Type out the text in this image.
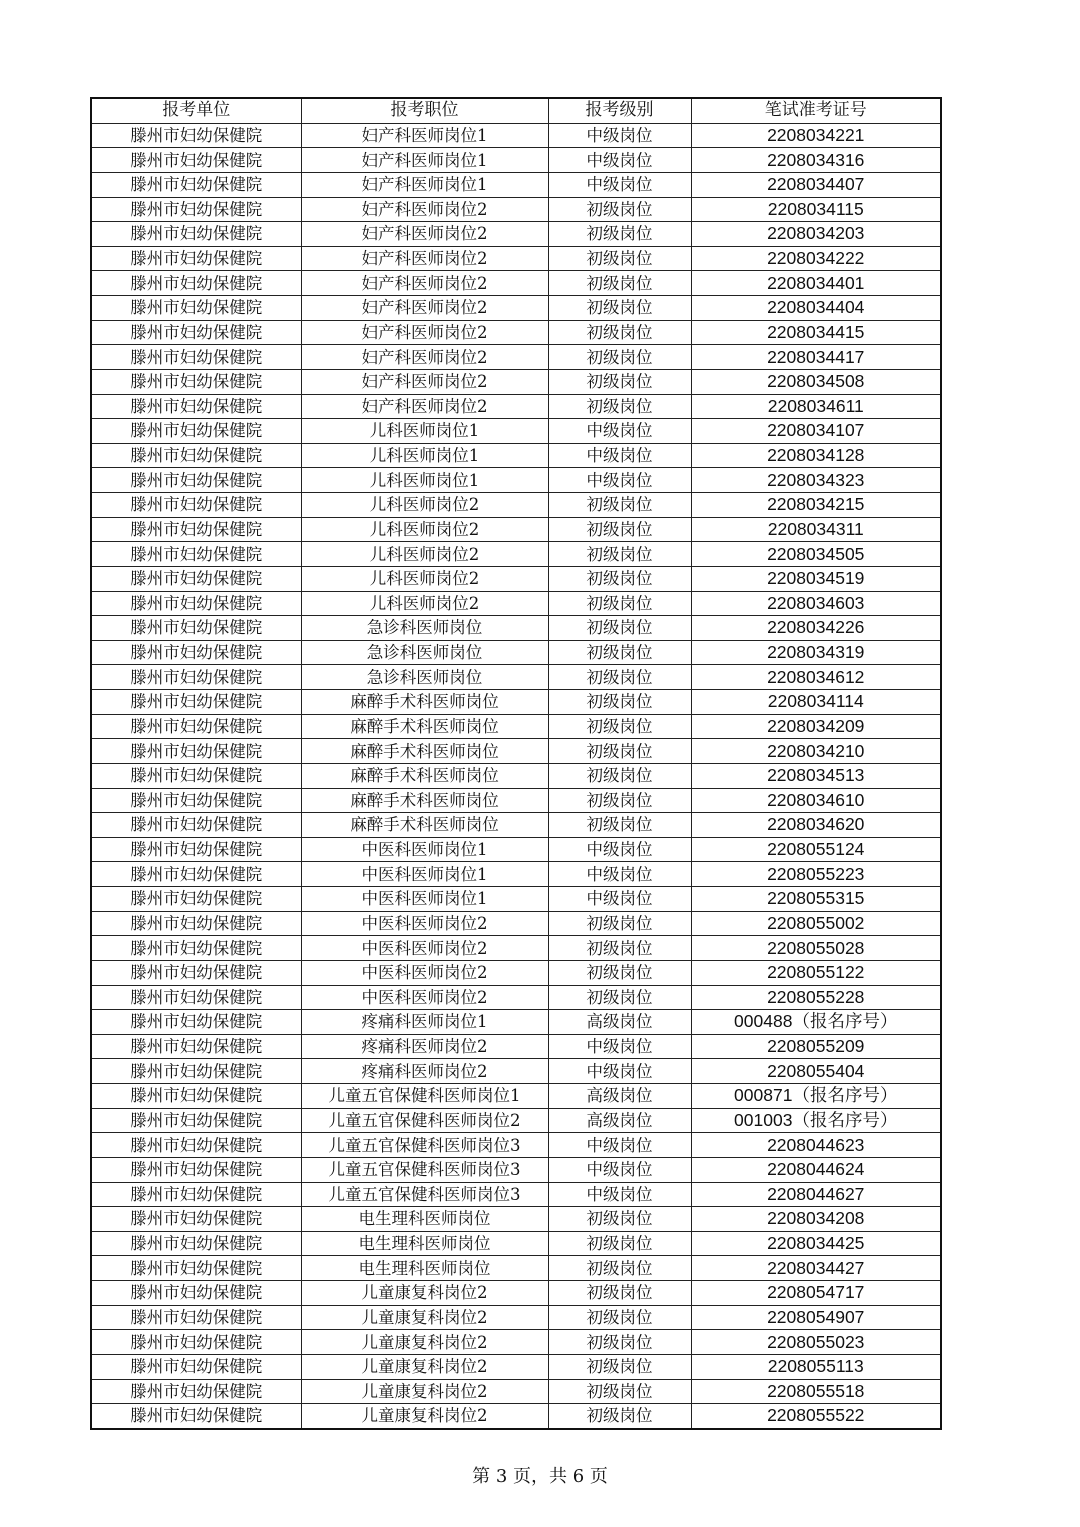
报考单位	报考职位	报考级别	笔试准考证号
滕州市妇幼保健院	妇产科医师岗位1	中级岗位	2208034221
滕州市妇幼保健院	妇产科医师岗位1	中级岗位	2208034316
滕州市妇幼保健院	妇产科医师岗位1	中级岗位	2208034407
滕州市妇幼保健院	妇产科医师岗位2	初级岗位	2208034115
滕州市妇幼保健院	妇产科医师岗位2	初级岗位	2208034203
滕州市妇幼保健院	妇产科医师岗位2	初级岗位	2208034222
滕州市妇幼保健院	妇产科医师岗位2	初级岗位	2208034401
滕州市妇幼保健院	妇产科医师岗位2	初级岗位	2208034404
滕州市妇幼保健院	妇产科医师岗位2	初级岗位	2208034415
滕州市妇幼保健院	妇产科医师岗位2	初级岗位	2208034417
滕州市妇幼保健院	妇产科医师岗位2	初级岗位	2208034508
滕州市妇幼保健院	妇产科医师岗位2	初级岗位	2208034611
滕州市妇幼保健院	儿科医师岗位1	中级岗位	2208034107
滕州市妇幼保健院	儿科医师岗位1	中级岗位	2208034128
滕州市妇幼保健院	儿科医师岗位1	中级岗位	2208034323
滕州市妇幼保健院	儿科医师岗位2	初级岗位	2208034215
滕州市妇幼保健院	儿科医师岗位2	初级岗位	2208034311
滕州市妇幼保健院	儿科医师岗位2	初级岗位	2208034505
滕州市妇幼保健院	儿科医师岗位2	初级岗位	2208034519
滕州市妇幼保健院	儿科医师岗位2	初级岗位	2208034603
滕州市妇幼保健院	急诊科医师岗位	初级岗位	2208034226
滕州市妇幼保健院	急诊科医师岗位	初级岗位	2208034319
滕州市妇幼保健院	急诊科医师岗位	初级岗位	2208034612
滕州市妇幼保健院	麻醉手术科医师岗位	初级岗位	2208034114
滕州市妇幼保健院	麻醉手术科医师岗位	初级岗位	2208034209
滕州市妇幼保健院	麻醉手术科医师岗位	初级岗位	2208034210
滕州市妇幼保健院	麻醉手术科医师岗位	初级岗位	2208034513
滕州市妇幼保健院	麻醉手术科医师岗位	初级岗位	2208034610
滕州市妇幼保健院	麻醉手术科医师岗位	初级岗位	2208034620
滕州市妇幼保健院	中医科医师岗位1	中级岗位	2208055124
滕州市妇幼保健院	中医科医师岗位1	中级岗位	2208055223
滕州市妇幼保健院	中医科医师岗位1	中级岗位	2208055315
滕州市妇幼保健院	中医科医师岗位2	初级岗位	2208055002
滕州市妇幼保健院	中医科医师岗位2	初级岗位	2208055028
滕州市妇幼保健院	中医科医师岗位2	初级岗位	2208055122
滕州市妇幼保健院	中医科医师岗位2	初级岗位	2208055228
滕州市妇幼保健院	疼痛科医师岗位1	高级岗位	000488（报名序号）
滕州市妇幼保健院	疼痛科医师岗位2	中级岗位	2208055209
滕州市妇幼保健院	疼痛科医师岗位2	中级岗位	2208055404
滕州市妇幼保健院	儿童五官保健科医师岗位1	高级岗位	000871（报名序号）
滕州市妇幼保健院	儿童五官保健科医师岗位2	高级岗位	001003（报名序号）
滕州市妇幼保健院	儿童五官保健科医师岗位3	中级岗位	2208044623
滕州市妇幼保健院	儿童五官保健科医师岗位3	中级岗位	2208044624
滕州市妇幼保健院	儿童五官保健科医师岗位3	中级岗位	2208044627
滕州市妇幼保健院	电生理科医师岗位	初级岗位	2208034208
滕州市妇幼保健院	电生理科医师岗位	初级岗位	2208034425
滕州市妇幼保健院	电生理科医师岗位	初级岗位	2208034427
滕州市妇幼保健院	儿童康复科岗位2	初级岗位	2208054717
滕州市妇幼保健院	儿童康复科岗位2	初级岗位	2208054907
滕州市妇幼保健院	儿童康复科岗位2	初级岗位	2208055023
滕州市妇幼保健院	儿童康复科岗位2	初级岗位	2208055113
滕州市妇幼保健院	儿童康复科岗位2	初级岗位	2208055518
滕州市妇幼保健院	儿童康复科岗位2	初级岗位	2208055522
第 3 页，共 6 页
